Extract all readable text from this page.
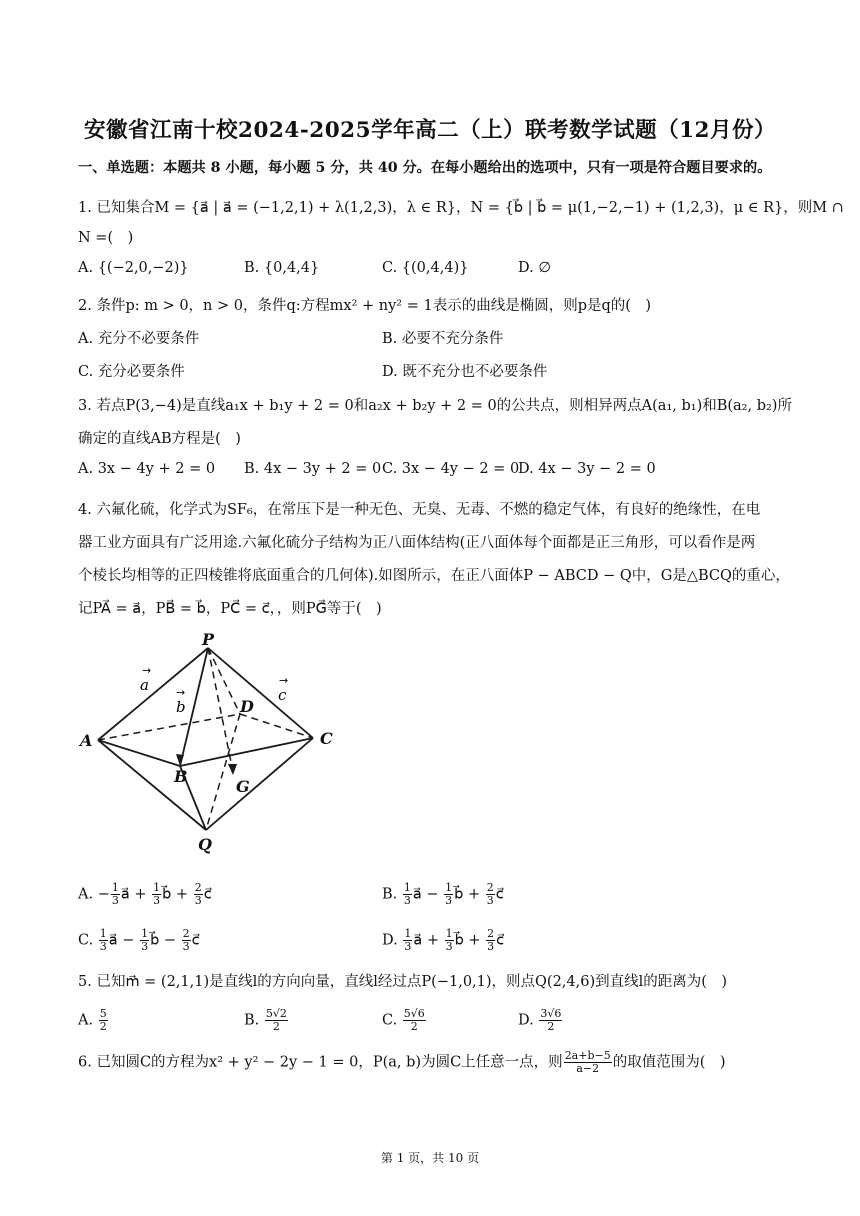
安徽省江南十校2024-2025学年高二（上）联考数学试题（12月份）
一、单选题：本题共 8 小题，每小题 5 分，共 40 分。在每小题给出的选项中，只有一项是符合题目要求的。
1. 已知集合M = {a⃗ | a⃗ = (−1,2,1) + λ(1,2,3)，λ ∈ R}，N = {b⃗ | b⃗ = μ(1,−2,−1) + (1,2,3)，μ ∈ R}，则M ∩
N =(　)
A. {(−2,0,−2)}	B. {0,4,4}	C. {(0,4,4)}	D. ∅
2. 条件p: m > 0，n > 0，条件q:方程mx² + ny² = 1表示的曲线是椭圆，则p是q的(　)
A. 充分不必要条件	B. 必要不充分条件
C. 充分必要条件	D. 既不充分也不必要条件
3. 若点P(3,−4)是直线a₁x + b₁y + 2 = 0和a₂x + b₂y + 2 = 0的公共点，则相异两点A(a₁, b₁)和B(a₂, b₂)所
确定的直线AB方程是(　)
A. 3x − 4y + 2 = 0 B. 4x − 3y + 2 = 0 C. 3x − 4y − 2 = 0
D. 4x − 3y − 2 = 0
4. 六氟化硫，化学式为SF₆，在常压下是一种无色、无臭、无毒、不燃的稳定气体，有良好的绝缘性，在电
器工业方面具有广泛用途.六氟化硫分子结构为正八面体结构(正八面体每个面都是正三角形，可以看作是两
个棱长均相等的正四棱锥将底面重合的几何体).如图所示，在正八面体P − ABCD − Q中，G是△BCQ的重心，
记PA⃗ = a⃗，PB⃗ = b⃗，PC⃗ = c⃗，，则PG⃗等于(　)
a
→
b
→	c
→
P
A
B
C
D
Q
G
A. − $\frac{1}{3}$ a⃗ + $\frac{1}{3}$ b⃗ + $\frac{2}{3}$ c⃗	B. $\frac{1}{3}$ a⃗ − $\frac{1}{3}$ b⃗ + $\frac{2}{3}$ c⃗
C. $\frac{1}{3}$ a⃗ − $\frac{1}{3}$ b⃗ − $\frac{2}{3}$ c⃗	D. $\frac{1}{3}$ a⃗ + $\frac{1}{3}$ b⃗ + $\frac{2}{3}$ c⃗
5. 已知m⃗ = (2,1,1)是直线l的方向向量，直线l经过点P(−1,0,1)，则点Q(2,4,6)到直线l的距离为(　)
A. $\frac{5}{2}$	B. $\frac{5√2}{2}$	C. $\frac{5√6}{2}$	D. $\frac{3√6}{2}$
6. 已知圆C的方程为x² + y² − 2y − 1 = 0，P(a, b)为圆C上任意一点，则 $\frac{2a+b-5}{a-2}$ 的取值范围为(　)
第 1 页，共 10 页
